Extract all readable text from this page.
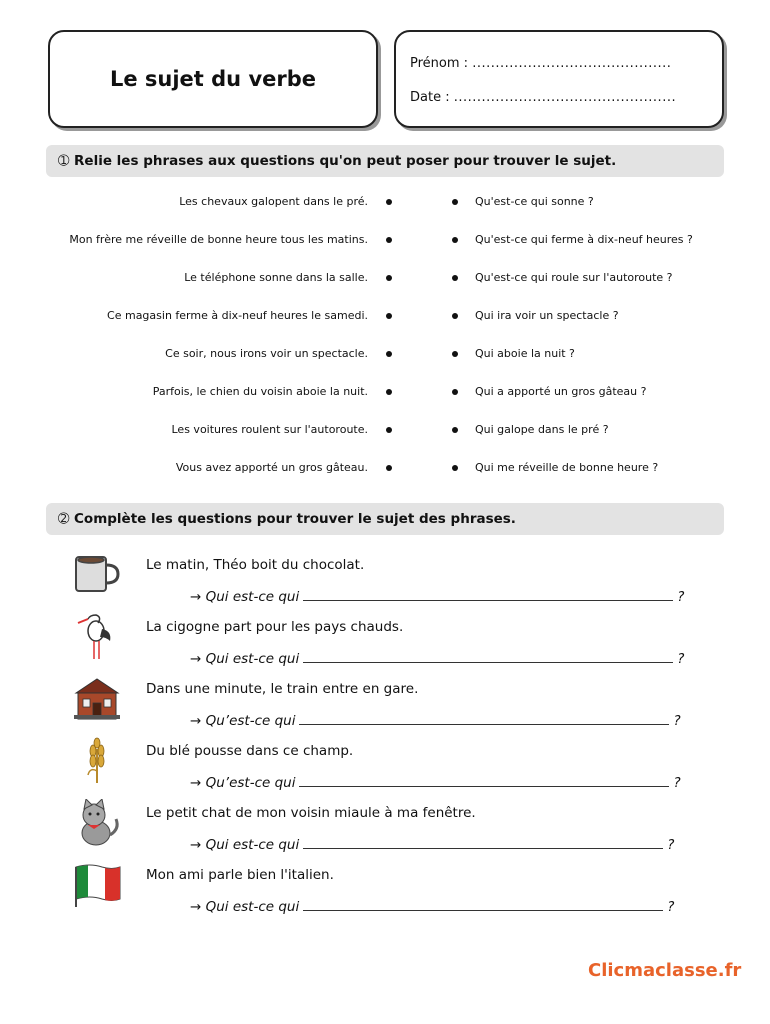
Le sujet du verbe
Prénom : ...........................................
Date : ................................................
➀ Relie les phrases aux questions qu'on peut poser pour trouver le sujet.
Les chevaux galopent dans le pré.	Qu'est-ce qui sonne ?
Mon frère me réveille de bonne heure tous les matins.	Qu'est-ce qui ferme à dix-neuf heures ?
Le téléphone sonne dans la salle.	Qu'est-ce qui roule sur l'autoroute ?
Ce magasin ferme à dix-neuf heures le samedi.	Qui ira voir un spectacle ?
Ce soir, nous irons voir un spectacle.	Qui aboie la nuit ?
Parfois, le chien du voisin aboie la nuit.	Qui a apporté un gros gâteau ?
Les voitures roulent sur l'autoroute.	Qui galope dans le pré ?
Vous avez apporté un gros gâteau.	Qui me réveille de bonne heure ?
➁ Complète les questions pour trouver le sujet des phrases.
Le matin, Théo boit du chocolat.
→ Qui est-ce qui	?
La cigogne part pour les pays chauds.
→ Qui est-ce qui	?
Dans une minute, le train entre en gare.
→ Qu’est-ce qui	?
Du blé pousse dans ce champ.
→ Qu’est-ce qui	?
Le petit chat de mon voisin miaule à ma fenêtre.
→ Qui est-ce qui	?
Mon ami parle bien l'italien.
→ Qui est-ce qui	?
Clicmaclasse.fr
